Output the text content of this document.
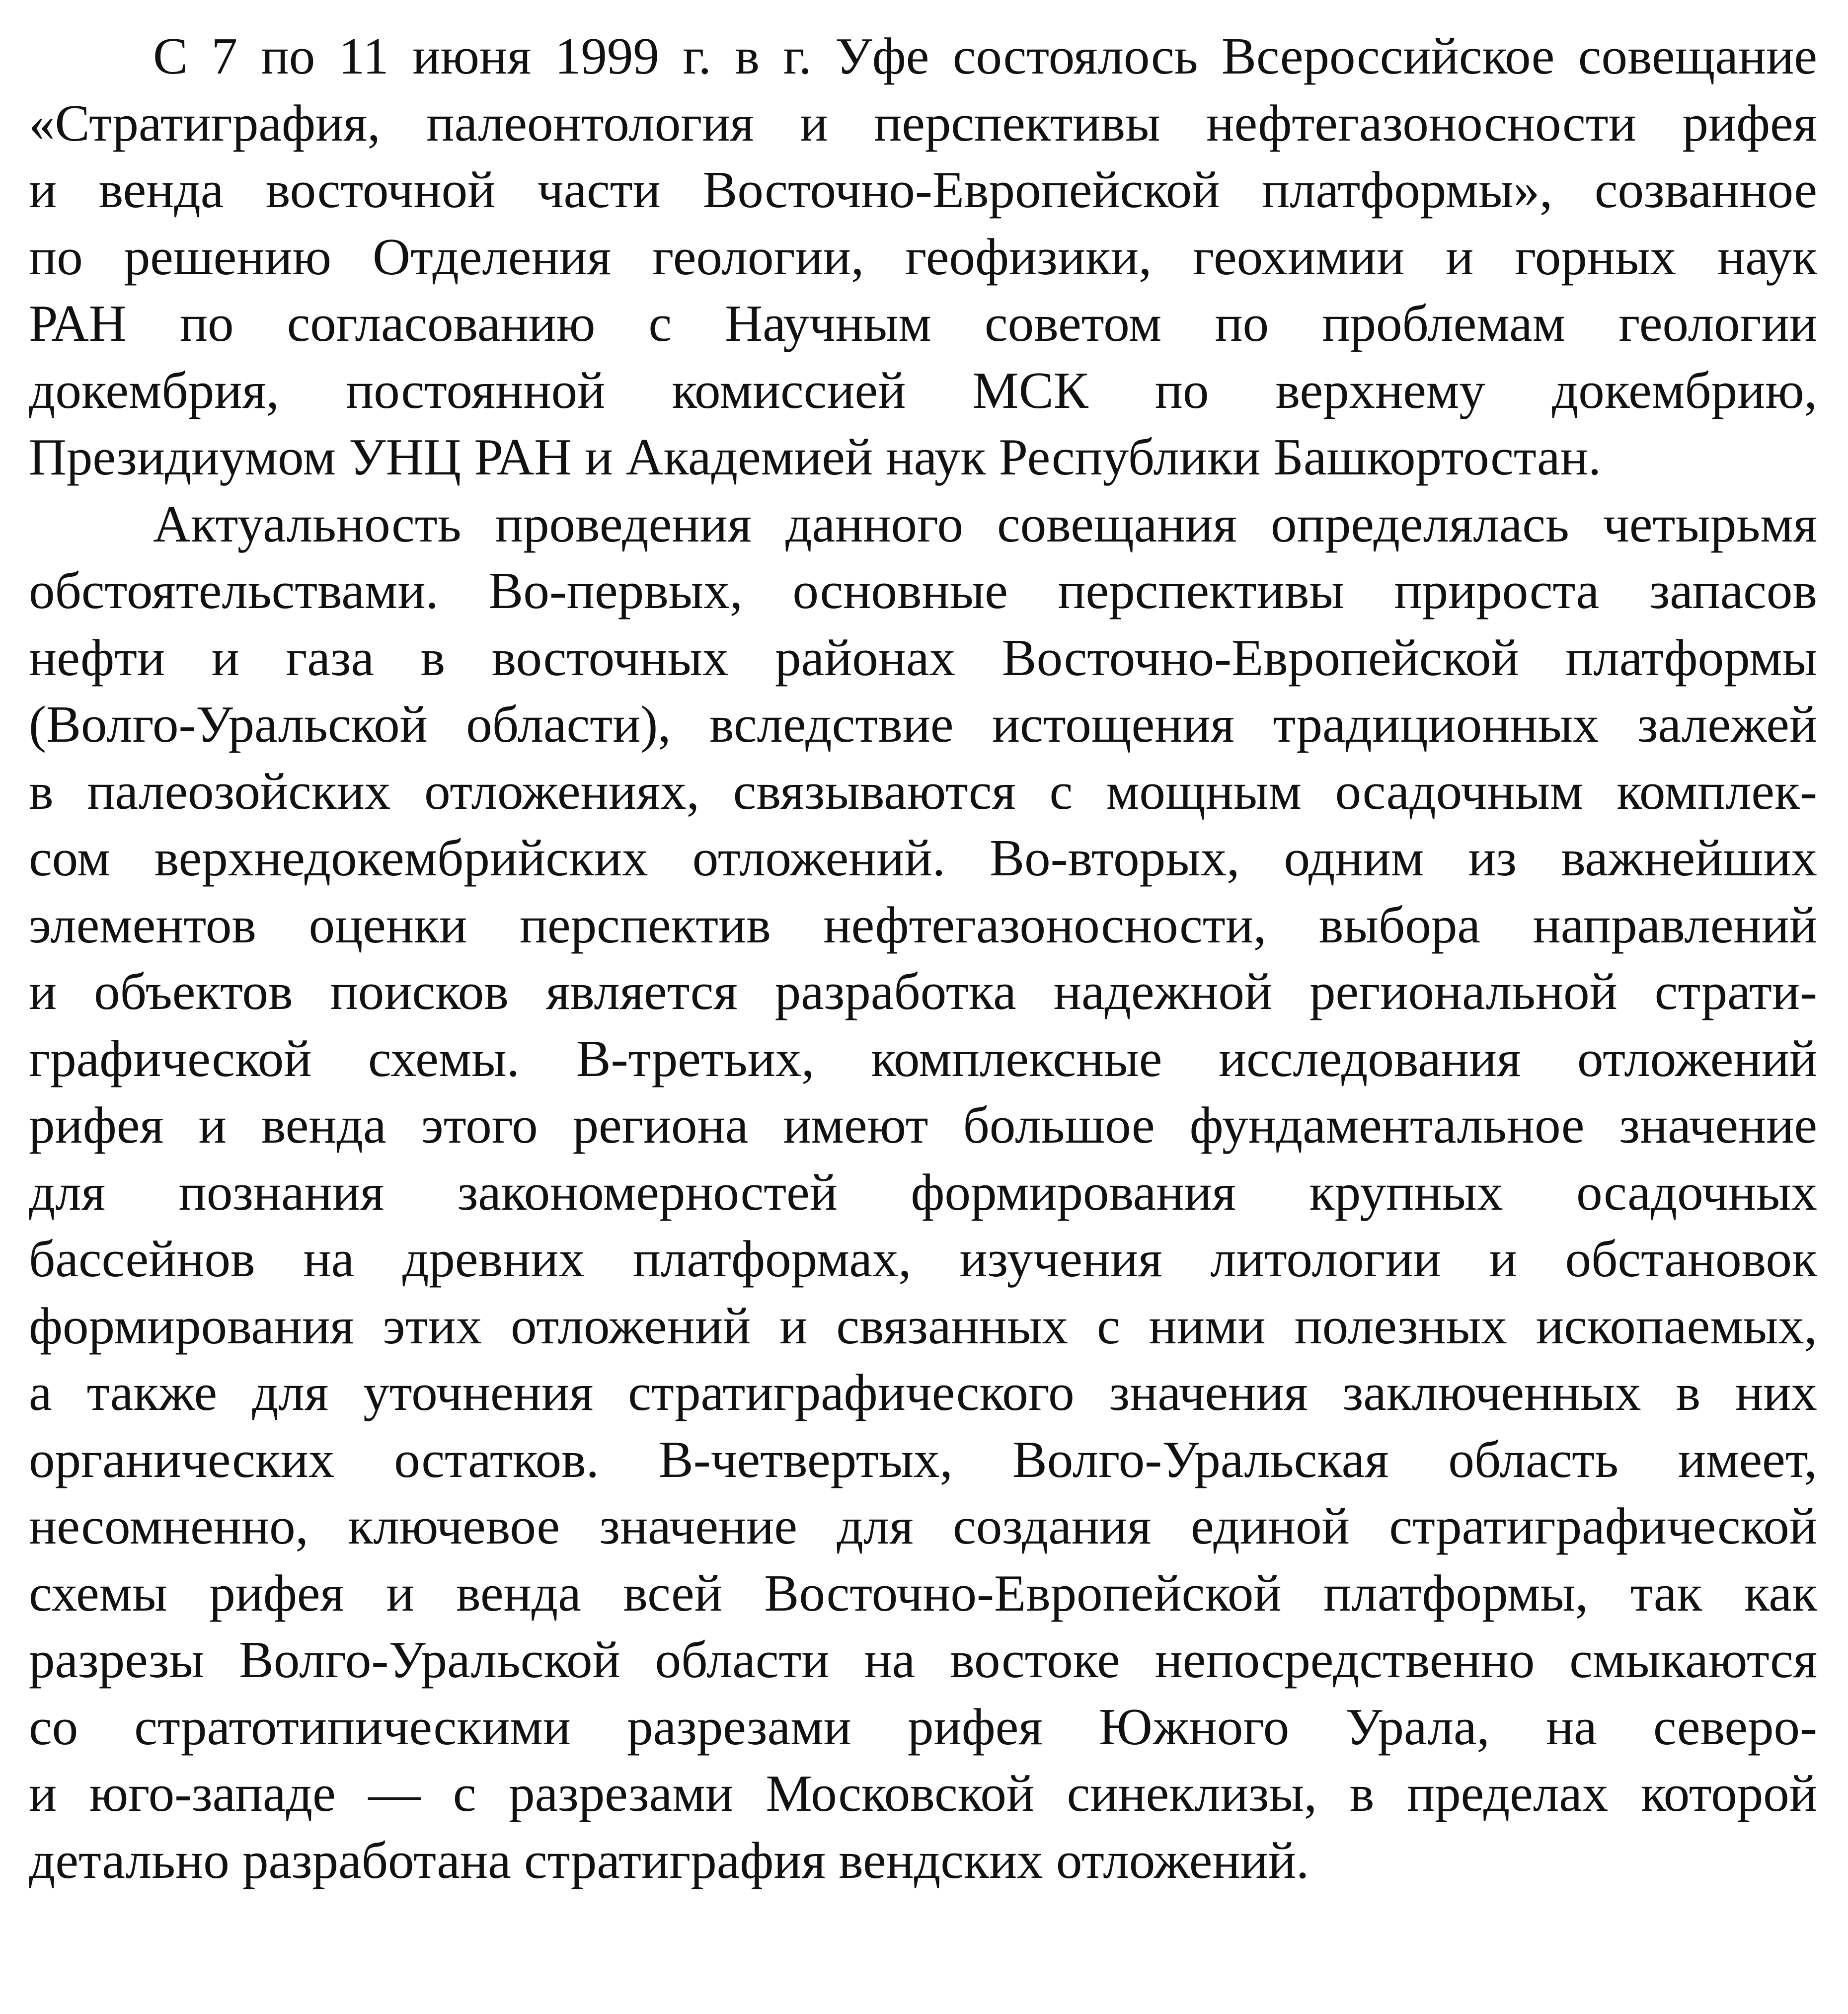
С 7 по 11 июня 1999 г. в г. Уфе состоялось Всероссийское совещание
«Стратиграфия, палеонтология и перспективы нефтегазоносности рифея
и венда восточной части Восточно-Европейской платформы», созванное
по решению Отделения геологии, геофизики, геохимии и горных наук
РАН по согласованию с Научным советом по проблемам геологии
докембрия, постоянной комиссией МСК по верхнему докембрию,
Президиумом УНЦ РАН и Академией наук Республики Башкортостан.

Актуальность проведения данного совещания определялась четырьмя
обстоятельствами. Во-первых, основные перспективы прироста запасов
нефти и газа в восточных районах Восточно-Европейской платформы
(Волго-Уральской области), вследствие истощения традиционных залежей
в палеозойских отложениях, связываются с мощным осадочным комплек-
сом верхнедокембрийских отложений. Во-вторых, одним из важнейших
элементов оценки перспектив нефтегазоносности, выбора направлений
и объектов поисков является разработка надежной региональной страти-
графической схемы. В-третьих, комплексные исследования отложений
рифея и венда этого региона имеют большое фундаментальное значение
для познания закономерностей формирования крупных осадочных
бассейнов на древних платформах, изучения литологии и обстановок
формирования этих отложений и связанных с ними полезных ископаемых,
а также для уточнения стратиграфического значения заключенных в них
органических остатков. В-четвертых, Волго-Уральская область имеет,
несомненно, ключевое значение для создания единой стратиграфической
схемы рифея и венда всей Восточно-Европейской платформы, так как
разрезы Волго-Уральской области на востоке непосредственно смыкаются
со стратотипическими разрезами рифея Южного Урала, на северо-
и юго-западе — с разрезами Московской синеклизы, в пределах которой
детально разработана стратиграфия вендских отложений.
